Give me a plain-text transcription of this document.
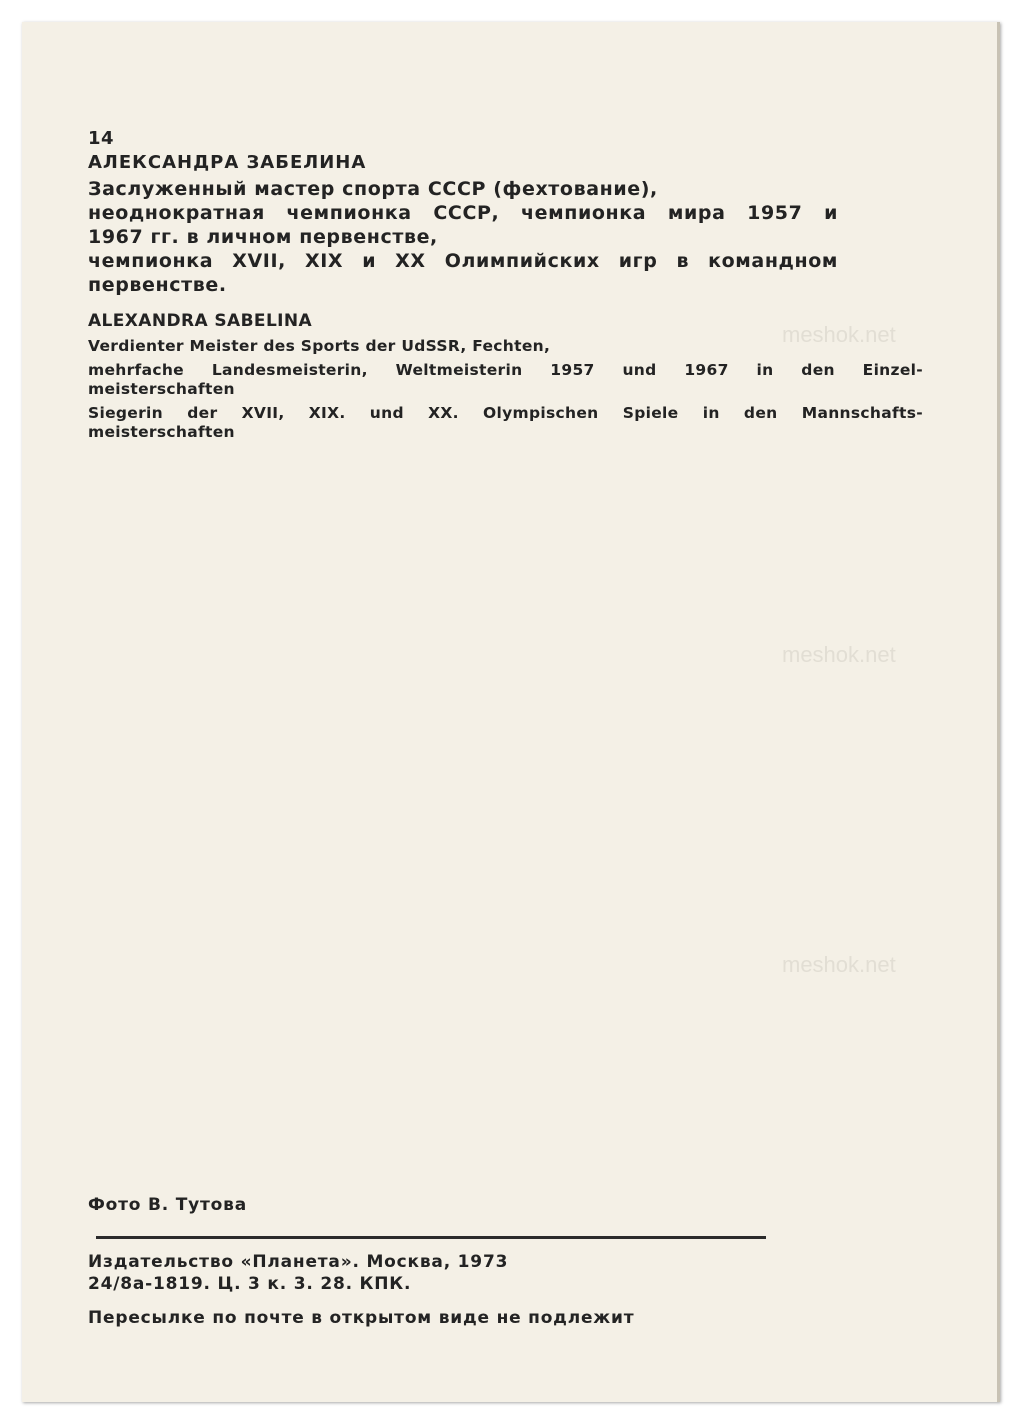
meshok.net
meshok.net
meshok.net
14
АЛЕКСАНДРА ЗАБЕЛИНА
Заслуженный мастер спорта СССР (фехтование),
неоднократная чемпионка СССР, чемпионка мира 1957 и
1967 гг. в личном первенстве,
чемпионка XVII, XIX и XX Олимпийских игр в командном
первенстве.
ALEXANDRA SABELINA
Verdienter Meister des Sports der UdSSR, Fechten,
mehrfache Landesmeisterin, Weltmeisterin 1957 und 1967 in den Einzel-
meisterschaften
Siegerin der XVII, XIX. und XX. Olympischen Spiele in den Mannschafts-
meisterschaften
Фото В. Тутова
Издательство «Планета». Москва, 1973
24/8а-1819. Ц. 3 к. 3. 28. КПК.
Пересылке по почте в открытом виде не подлежит
